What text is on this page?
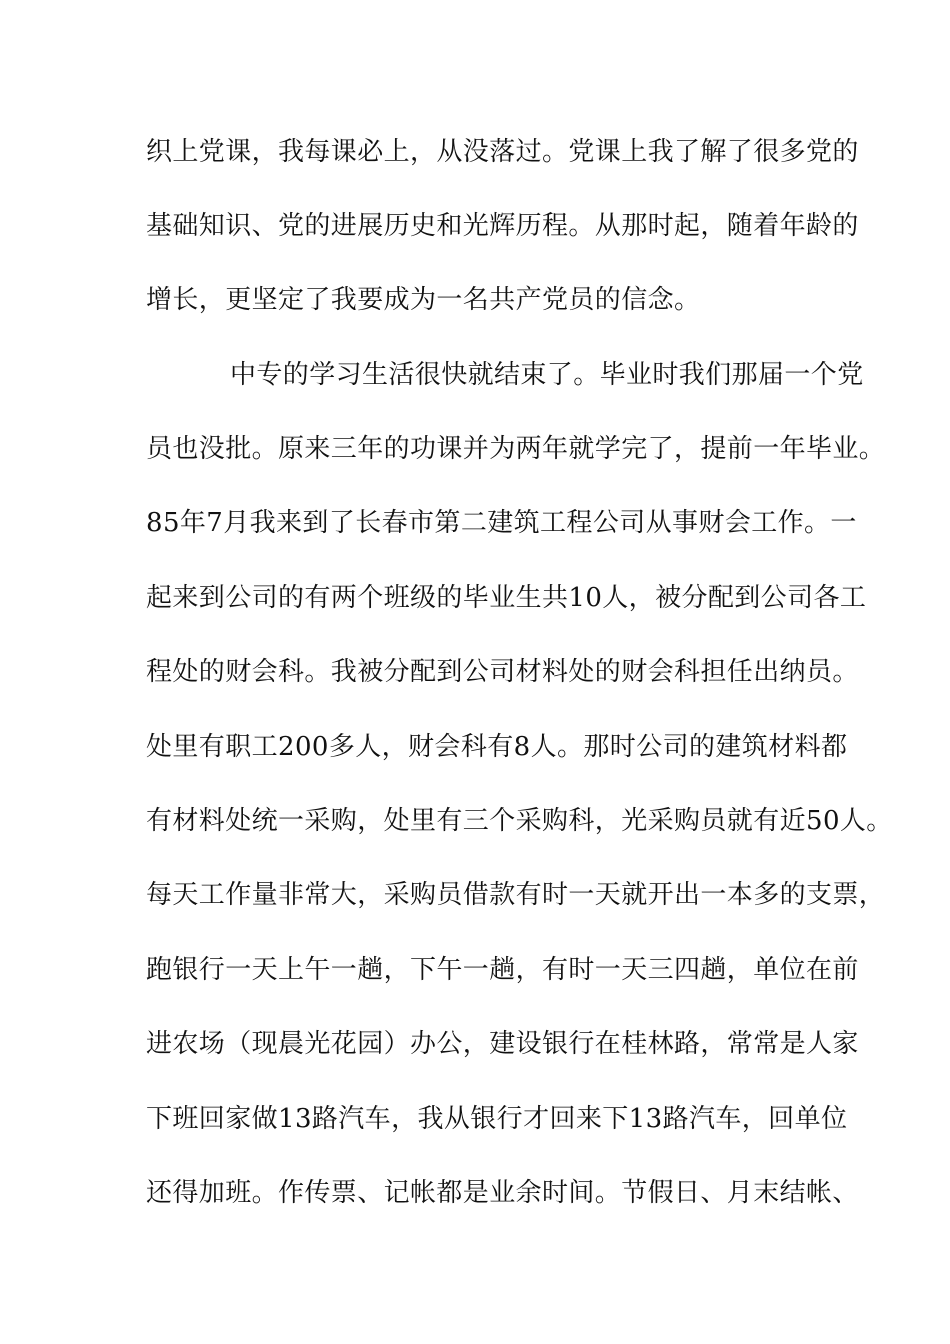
织上党课，我每课必上，从没落过。党课上我了解了很多党的
基础知识、党的进展历史和光辉历程。从那时起，随着年龄的
增长，更坚定了我要成为一名共产党员的信念。
中专的学习生活很快就结束了。毕业时我们那届一个党
员也没批。原来三年的功课并为两年就学完了，提前一年毕业。
85年7月我来到了长春市第二建筑工程公司从事财会工作。一
起来到公司的有两个班级的毕业生共10人，被分配到公司各工
程处的财会科。我被分配到公司材料处的财会科担任出纳员。
处里有职工200多人，财会科有8人。那时公司的建筑材料都
有材料处统一采购，处里有三个采购科，光采购员就有近50人。
每天工作量非常大，采购员借款有时一天就开出一本多的支票，
跑银行一天上午一趟，下午一趟，有时一天三四趟，单位在前
进农场（现晨光花园）办公，建设银行在桂林路，常常是人家
下班回家做13路汽车，我从银行才回来下13路汽车，回单位
还得加班。作传票、记帐都是业余时间。节假日、月末结帐、
